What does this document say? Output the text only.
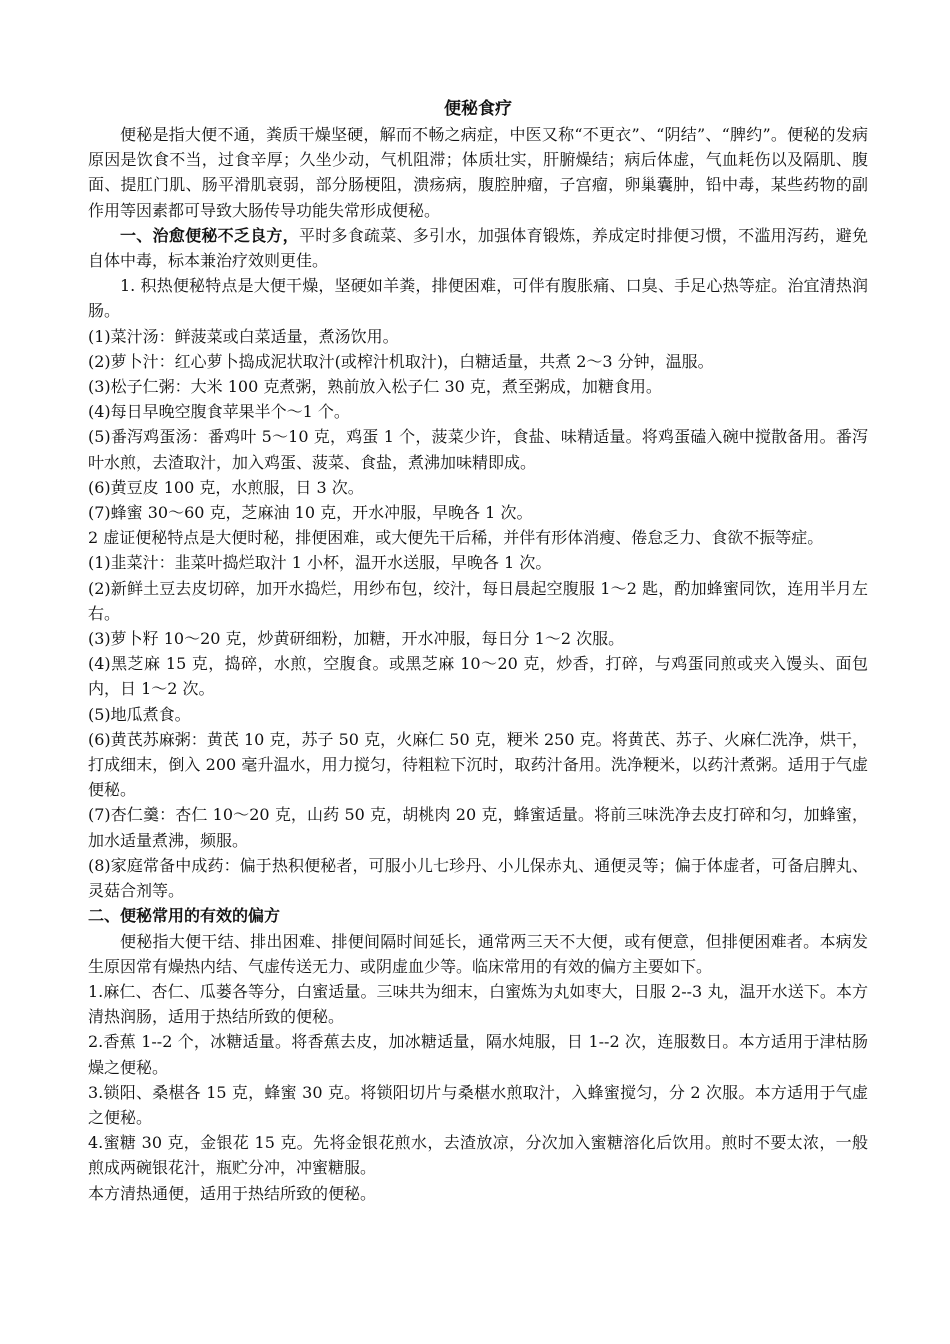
便秘食疗

便秘是指大便不通，粪质干燥坚硬，解而不畅之病症，中医又称“不更衣”、“阴结”、“脾约”。便秘的发病原因是饮食不当，过食辛厚；久坐少动，气机阻滞；体质壮实，肝腑燥结；病后体虚，气血耗伤以及隔肌、腹面、提肛门肌、肠平滑肌衰弱，部分肠梗阻，溃疡病，腹腔肿瘤，子宫瘤，卵巢囊肿，铅中毒，某些药物的副作用等因素都可导致大肠传导功能失常形成便秘。

一、治愈便秘不乏良方，平时多食疏菜、多引水，加强体育锻炼，养成定时排便习惯，不滥用泻药，避免自体中毒，标本兼治疗效则更佳。

1. 积热便秘特点是大便干燥，坚硬如羊粪，排便困难，可伴有腹胀痛、口臭、手足心热等症。治宜清热润肠。

(1)菜汁汤：鲜菠菜或白菜适量，煮汤饮用。

(2)萝卜汁：红心萝卜捣成泥状取汁(或榨汁机取汁)，白糖适量，共煮 2～3 分钟，温服。

(3)松子仁粥：大米 100 克煮粥，熟前放入松子仁 30 克，煮至粥成，加糖食用。

(4)每日早晚空腹食苹果半个～1 个。

(5)番泻鸡蛋汤：番鸡叶 5～10 克，鸡蛋 1 个，菠菜少许，食盐、味精适量。将鸡蛋磕入碗中搅散备用。番泻叶水煎，去渣取汁，加入鸡蛋、菠菜、食盐，煮沸加味精即成。

(6)黄豆皮 100 克，水煎服，日 3 次。

(7)蜂蜜 30～60 克，芝麻油 10 克，开水冲服，早晚各 1 次。

2 虚证便秘特点是大便时秘，排便困难，或大便先干后稀，并伴有形体消瘦、倦怠乏力、食欲不振等症。

(1)韭菜汁：韭菜叶捣烂取汁 1 小杯，温开水送服，早晚各 1 次。

(2)新鲜土豆去皮切碎，加开水捣烂，用纱布包，绞汁，每日晨起空腹服 1～2 匙，酌加蜂蜜同饮，连用半月左右。

(3)萝卜籽 10～20 克，炒黄研细粉，加糖，开水冲服，每日分 1～2 次服。

(4)黑芝麻 15 克，捣碎，水煎，空腹食。或黑芝麻 10～20 克，炒香，打碎，与鸡蛋同煎或夹入馒头、面包内，日 1～2 次。

(5)地瓜煮食。

(6)黄芪苏麻粥：黄芪 10 克，苏子 50 克，火麻仁 50 克，粳米 250 克。将黄芪、苏子、火麻仁洗净，烘干，打成细末，倒入 200 毫升温水，用力搅匀，待粗粒下沉时，取药汁备用。洗净粳米，以药汁煮粥。适用于气虚便秘。

(7)杏仁羹：杏仁 10～20 克，山药 50 克，胡桃肉 20 克，蜂蜜适量。将前三味洗净去皮打碎和匀，加蜂蜜，加水适量煮沸，频服。

(8)家庭常备中成药：偏于热积便秘者，可服小儿七珍丹、小儿保赤丸、通便灵等；偏于体虚者，可备启脾丸、灵菇合剂等。

二、便秘常用的有效的偏方

便秘指大便干结、排出困难、排便间隔时间延长，通常两三天不大便，或有便意，但排便困难者。本病发生原因常有燥热内结、气虚传送无力、或阴虚血少等。临床常用的有效的偏方主要如下。

1.麻仁、杏仁、瓜蒌各等分，白蜜适量。三味共为细末，白蜜炼为丸如枣大，日服 2--3 丸，温开水送下。本方清热润肠，适用于热结所致的便秘。

2.香蕉 1--2 个，冰糖适量。将香蕉去皮，加冰糖适量，隔水炖服，日 1--2 次，连服数日。本方适用于津枯肠燥之便秘。

3.锁阳、桑椹各 15 克，蜂蜜 30 克。将锁阳切片与桑椹水煎取汁，入蜂蜜搅匀，分 2 次服。本方适用于气虚之便秘。

4.蜜糖 30 克，金银花 15 克。先将金银花煎水，去渣放凉，分次加入蜜糖溶化后饮用。煎时不要太浓，一般煎成两碗银花汁，瓶贮分冲，冲蜜糖服。

本方清热通便，适用于热结所致的便秘。
